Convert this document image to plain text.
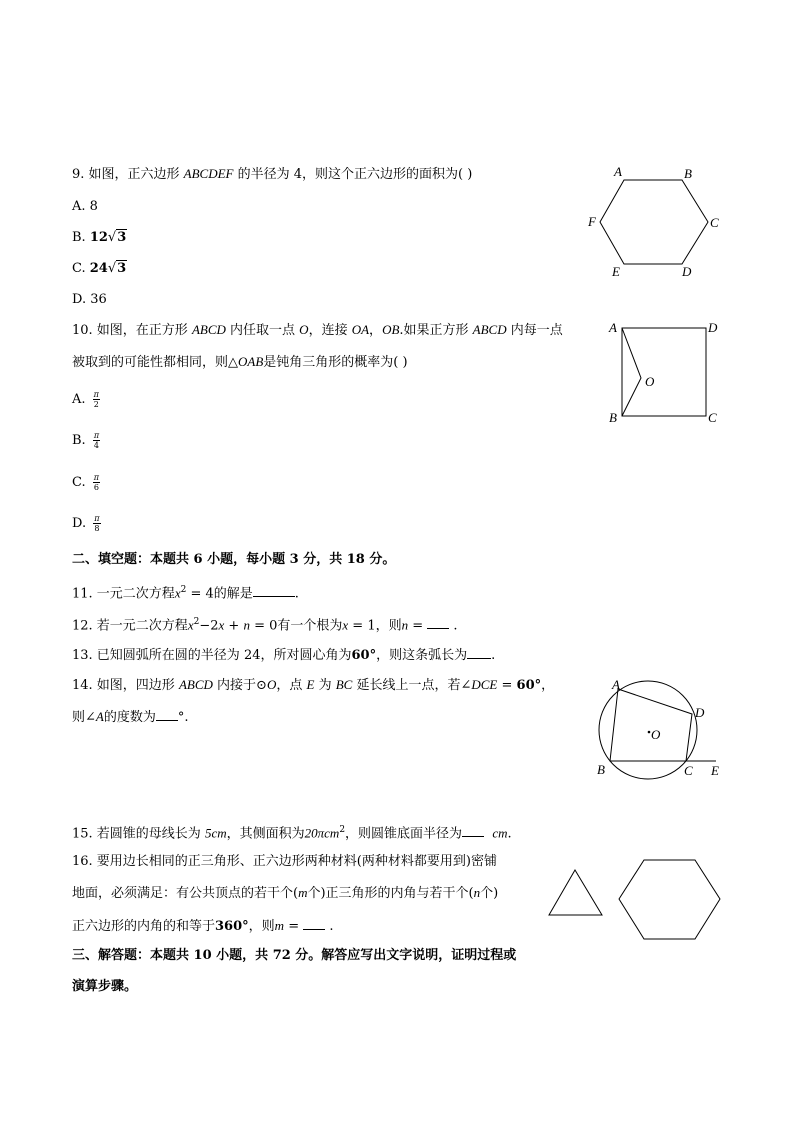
9. 如图，正六边形 ABCDEF 的半径为 4，则这个正六边形的面积为( )
A. 8
B. 12√3
C. 24√3
D. 36
A	B
C
D
E
F
10. 如图，在正方形 ABCD 内任取一点 O，连接 OA，OB.如果正方形 ABCD 内每一点
被取到的可能性都相同，则△OAB是钝角三角形的概率为( )
A. $\frac{\pi}{2}$
B. $\frac{\pi}{4}$
C. $\frac{\pi}{6}$
D. $\frac{\pi}{8}$
A	D
B	C
O
二、填空题：本题共 6 小题，每小题 3 分，共 18 分。
11. 一元二次方程$x^2 = 4$的解是	.
12. 若一元二次方程$x^2-2x + n = 0$有一个根为x = 1，则n =  .
13. 已知圆弧所在圆的半径为 24，所对圆心角为60°，则这条弧长为 .
14. 如图，四边形 ABCD 内接于⊙O，点 E 为 BC 延长线上一点，若∠DCE = 60°，
则∠A的度数为 °.
A
D
B	C E
O
15. 若圆锥的母线长为 5cm，其侧面积为20πcm$^2$，则圆锥底面半径为 cm.
16. 要用边长相同的正三角形、正六边形两种材料(两种材料都要用到)密铺
地面，必须满足：有公共顶点的若干个(m个)正三角形的内角与若干个(n个)
正六边形的内角的和等于360°，则m =  .
三、解答题：本题共 10 小题，共 72 分。解答应写出文字说明，证明过程或
演算步骤。
